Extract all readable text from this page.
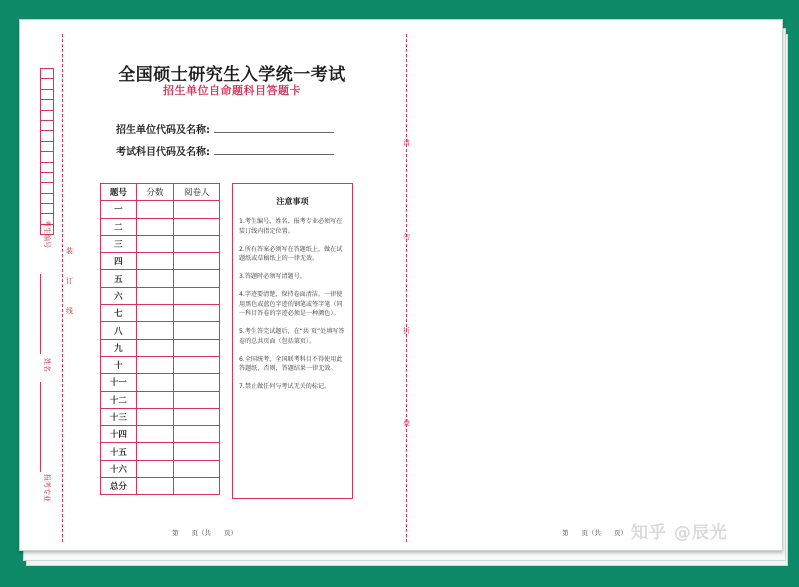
考生编号
姓名
报考专业
装
订
线
全国硕士研究生入学统一考试
招生单位自命题科目答题卡
招生单位代码及名称:
考试科目代码及名称:
题号	分数	阅卷人
一		
二		
三		
四		
五		
六		
七		
八		
九		
十		
十一		
十二		
十三		
十四		
十五		
十六		
总分		
注意事项
1.考生编号、姓名、报考专业必须写在装订线内指定位置。
2.所有答案必须写在答题纸上，做在试题纸或草稿纸上的一律无效。
3.答题时必须写清题号。
4.字迹要清楚、保持卷面清洁。一律使用黑色或蓝色字迹的钢笔或签字笔（同一科目答卷的字迹必须是一种颜色）。
5.考生答完试题后，在“共 页”处填写答卷的总共页面（包括第页）。
6.全国统考、全国联考科目不得使用此答题纸，否则，答题结果一律无效。
7.禁止做任何与考试无关的标记。
请
勿
折
叠
第　　页（共　　页）	第　　页（共　　页） 知乎 @辰光
